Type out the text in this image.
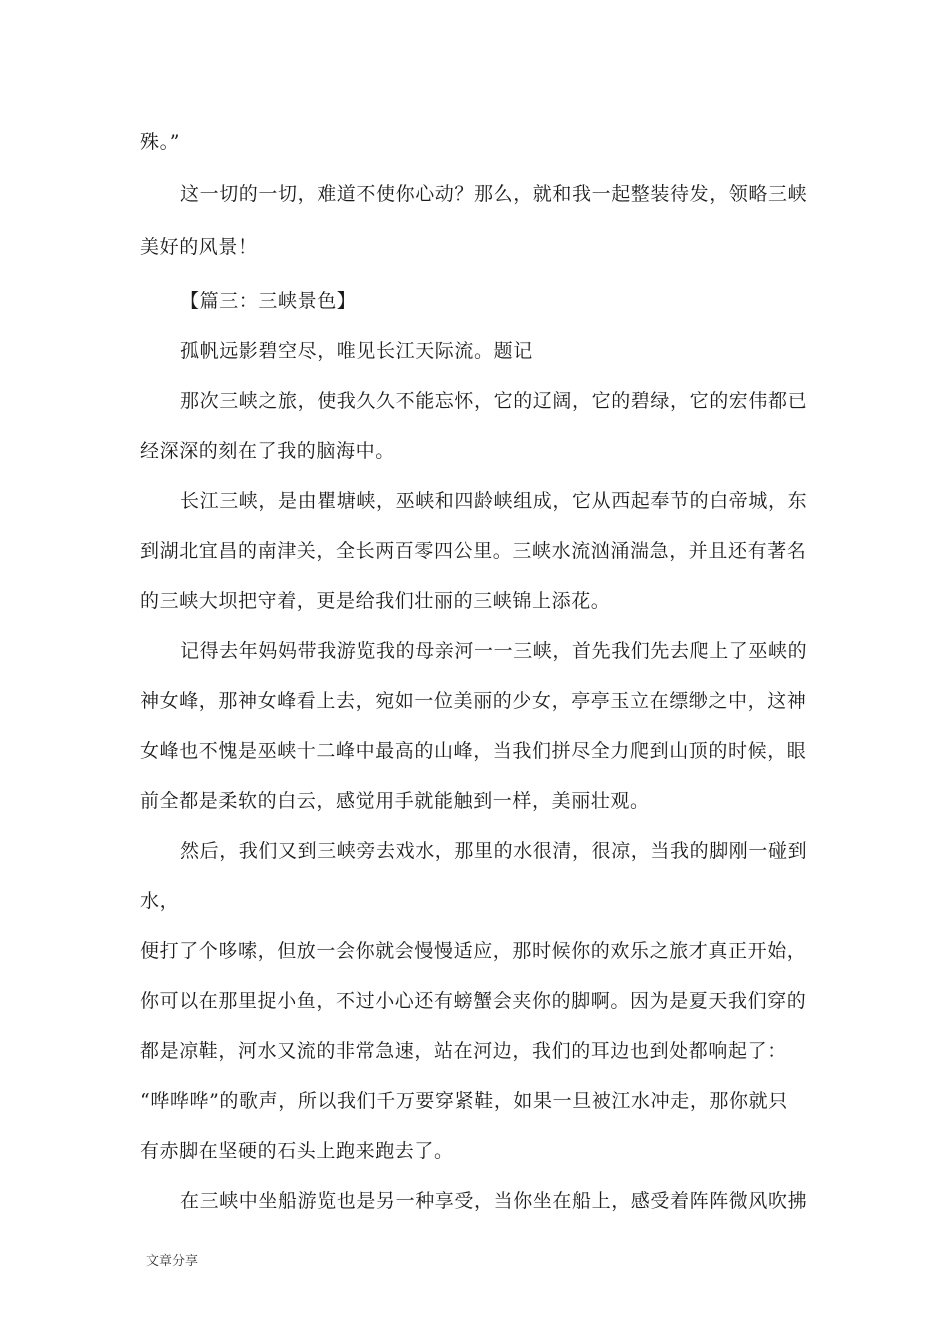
殊。”
这一切的一切，难道不使你心动？那么，就和我一起整装待发，领略三峡
美好的风景！
【篇三：三峡景色】
孤帆远影碧空尽，唯见长江天际流。题记
那次三峡之旅，使我久久不能忘怀，它的辽阔，它的碧绿，它的宏伟都已
经深深的刻在了我的脑海中。
长江三峡，是由瞿塘峡，巫峡和四龄峡组成，它从西起奉节的白帝城，东
到湖北宜昌的南津关，全长两百零四公里。三峡水流汹涌湍急，并且还有著名
的三峡大坝把守着，更是给我们壮丽的三峡锦上添花。
记得去年妈妈带我游览我的母亲河一一三峡，首先我们先去爬上了巫峡的
神女峰，那神女峰看上去，宛如一位美丽的少女，亭亭玉立在缥缈之中，这神
女峰也不愧是巫峡十二峰中最高的山峰，当我们拼尽全力爬到山顶的时候，眼
前全都是柔软的白云，感觉用手就能触到一样，美丽壮观。
然后，我们又到三峡旁去戏水，那里的水很清，很凉，当我的脚刚一碰到
水，
便打了个哆嗦，但放一会你就会慢慢适应，那时候你的欢乐之旅才真正开始，
你可以在那里捉小鱼，不过小心还有螃蟹会夹你的脚啊。因为是夏天我们穿的
都是凉鞋，河水又流的非常急速，站在河边，我们的耳边也到处都响起了：
“哗哗哗”的歌声，所以我们千万要穿紧鞋，如果一旦被江水冲走，那你就只
有赤脚在坚硬的石头上跑来跑去了。
在三峡中坐船游览也是另一种享受，当你坐在船上，感受着阵阵微风吹拂
文章分享
